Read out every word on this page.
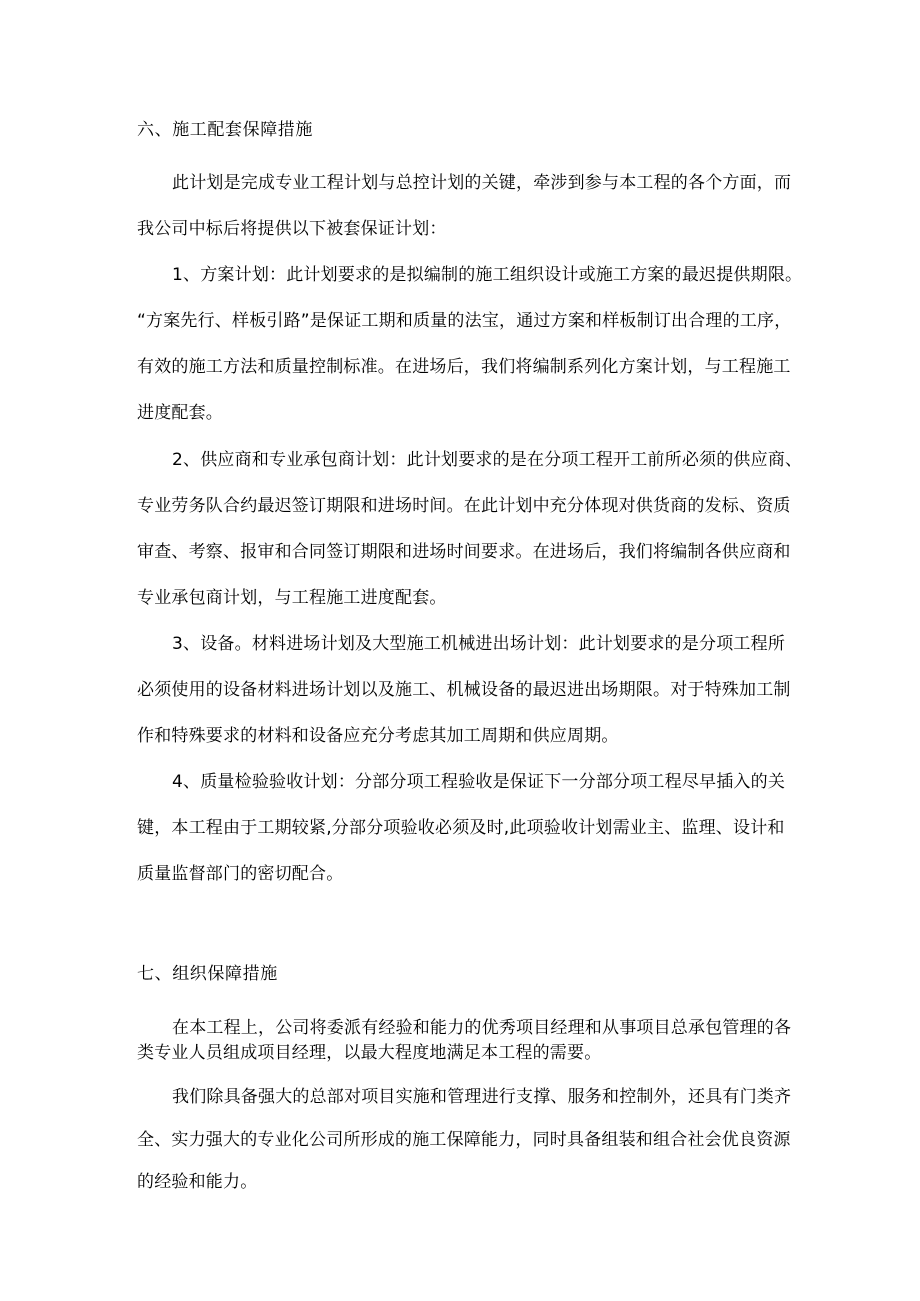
六、施工配套保障措施

此计划是完成专业工程计划与总控计划的关键，牵涉到参与本工程的各个方面，而

我公司中标后将提供以下被套保证计划：

1、方案计划：此计划要求的是拟编制的施工组织设计或施工方案的最迟提供期限。

“方案先行、样板引路”是保证工期和质量的法宝，通过方案和样板制订出合理的工序，

有效的施工方法和质量控制标准。在进场后，我们将编制系列化方案计划，与工程施工

进度配套。

2、供应商和专业承包商计划：此计划要求的是在分项工程开工前所必须的供应商、

专业劳务队合约最迟签订期限和进场时间。在此计划中充分体现对供货商的发标、资质

审查、考察、报审和合同签订期限和进场时间要求。在进场后，我们将编制各供应商和

专业承包商计划，与工程施工进度配套。

3、设备。材料进场计划及大型施工机械进出场计划：此计划要求的是分项工程所

必须使用的设备材料进场计划以及施工、机械设备的最迟进出场期限。对于特殊加工制

作和特殊要求的材料和设备应充分考虑其加工周期和供应周期。

4、质量检验验收计划：分部分项工程验收是保证下一分部分项工程尽早插入的关

键，本工程由于工期较紧,分部分项验收必须及时,此项验收计划需业主、监理、设计和

质量监督部门的密切配合。

七、组织保障措施

在本工程上，公司将委派有经验和能力的优秀项目经理和从事项目总承包管理的各

类专业人员组成项目经理，以最大程度地满足本工程的需要。

我们除具备强大的总部对项目实施和管理进行支撑、服务和控制外，还具有门类齐

全、实力强大的专业化公司所形成的施工保障能力，同时具备组装和组合社会优良资源

的经验和能力。
